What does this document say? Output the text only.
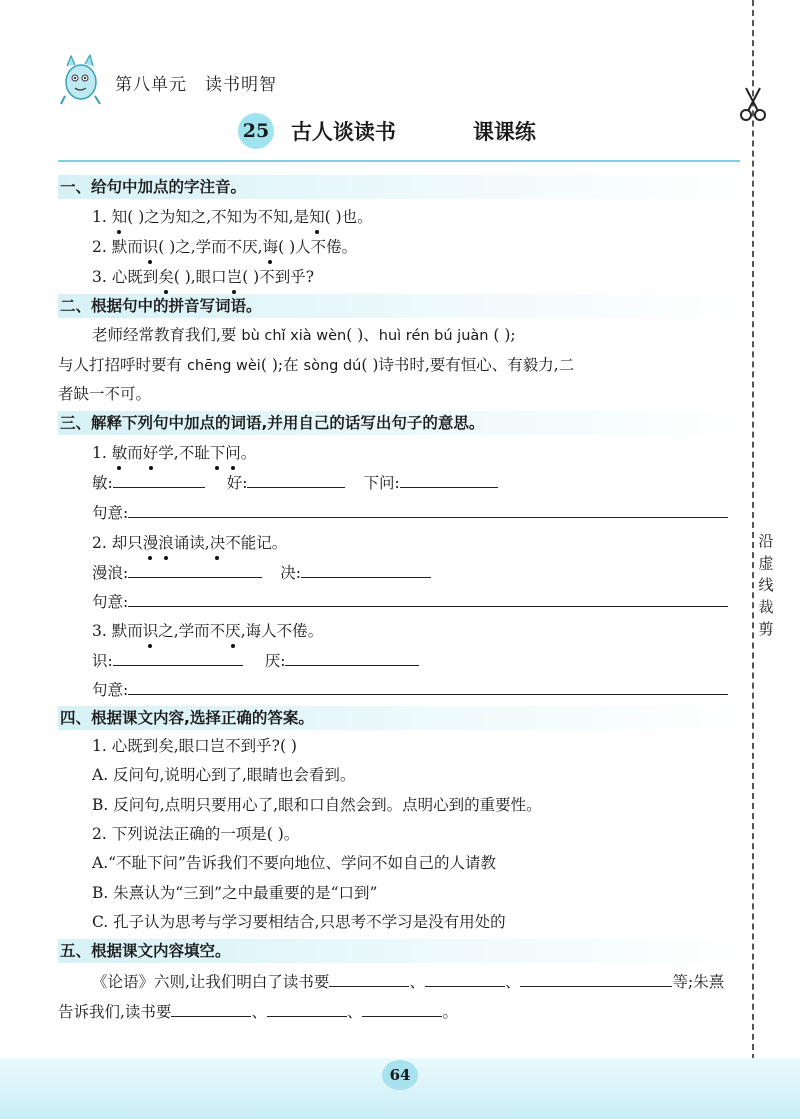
第八单元 读书明智
25 古人谈读书	课课练
沿
虚
线
裁
剪
一、给句中加点的字注音。
1. 知( )之为知之,不知为不知,是知( )也。
2. 默而识( )之,学而不厌,诲( )人不倦。
3. 心既到矣( ),眼口岂( )不到乎?
二、根据句中的拼音写词语。
老师经常教育我们,要 bù chǐ xià wèn( )、huì rén bú juàn ( );
与人打招呼时要有 chēng wèi( );在 sòng dú( )诗书时,要有恒心、有毅力,二
者缺一不可。
三、解释下列句中加点的词语,并用自己的话写出句子的意思。
1. 敏而好学,不耻下问。
敏:	好:	下问:
句意:
2. 却只漫浪诵读,决不能记。
漫浪:	决:
句意:
3. 默而识之,学而不厌,诲人不倦。
识:	厌:
句意:
四、根据课文内容,选择正确的答案。
1. 心既到矣,眼口岂不到乎?( )
A. 反问句,说明心到了,眼睛也会看到。
B. 反问句,点明只要用心了,眼和口自然会到。点明心到的重要性。
2. 下列说法正确的一项是( )。
A.“不耻下问”告诉我们不要向地位、学问不如自己的人请教
B. 朱熹认为“三到”之中最重要的是“口到”
C. 孔子认为思考与学习要相结合,只思考不学习是没有用处的
五、根据课文内容填空。
《论语》六则,让我们明白了读书要	、	、	等;朱熹
告诉我们,读书要	、	、	。
64
